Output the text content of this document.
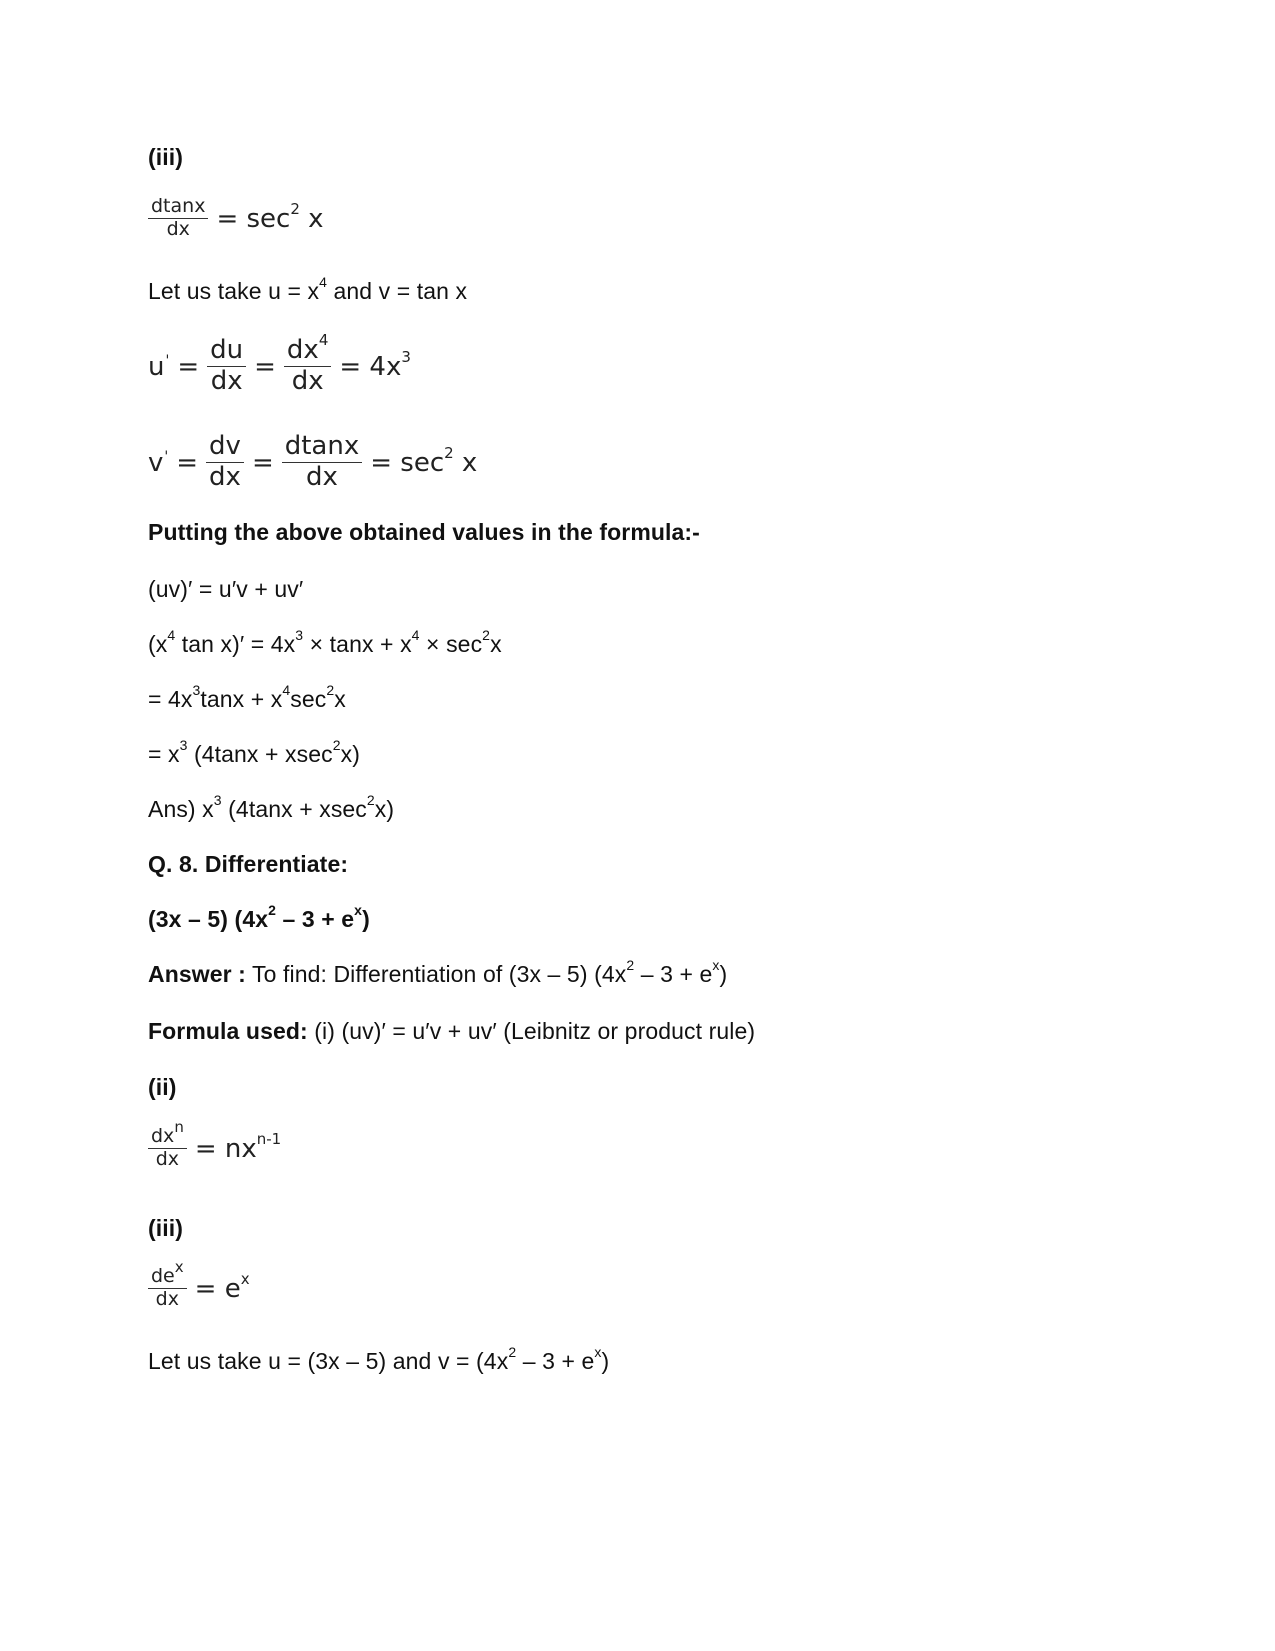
(iii)
$\frac{dtanx}{dx} = \sec^2 x$
Let us take $u = x^4$ and v = tan x
$u' = \frac{du}{dx} = \frac{dx^4}{dx} = 4x^3$
$v' = \frac{dv}{dx} = \frac{dtanx}{dx} = \sec^2 x$
Putting the above obtained values in the formula:-
(uv)′ = u′v + uv′
($x^4$ $\tan x)' = 4x^3 \times \tan x + x^4 \times \sec^2x$
= $4x^3\tan x + x^4\sec^2x$
= $x^3$ (4tanx + xsec$^2$x)
Ans) $x^3$ (4tanx + xsec$^2$x)
Q. 8. Differentiate:
(3x – 5) $(4x^2 - 3 + e^x)$
Answer : To find: Differentiation of (3x – 5) $(4x^2 - 3 + e^x)$
Formula used: (i) (uv)′ = u′v + uv′ (Leibnitz or product rule)
(ii)
$\frac{dx^n}{dx} = nx^{n-1}$
(iii)
$\frac{de^x}{dx} = e^x$
Let us take u = (3x – 5) and $v = (4x^2 - 3 + e^x)$
